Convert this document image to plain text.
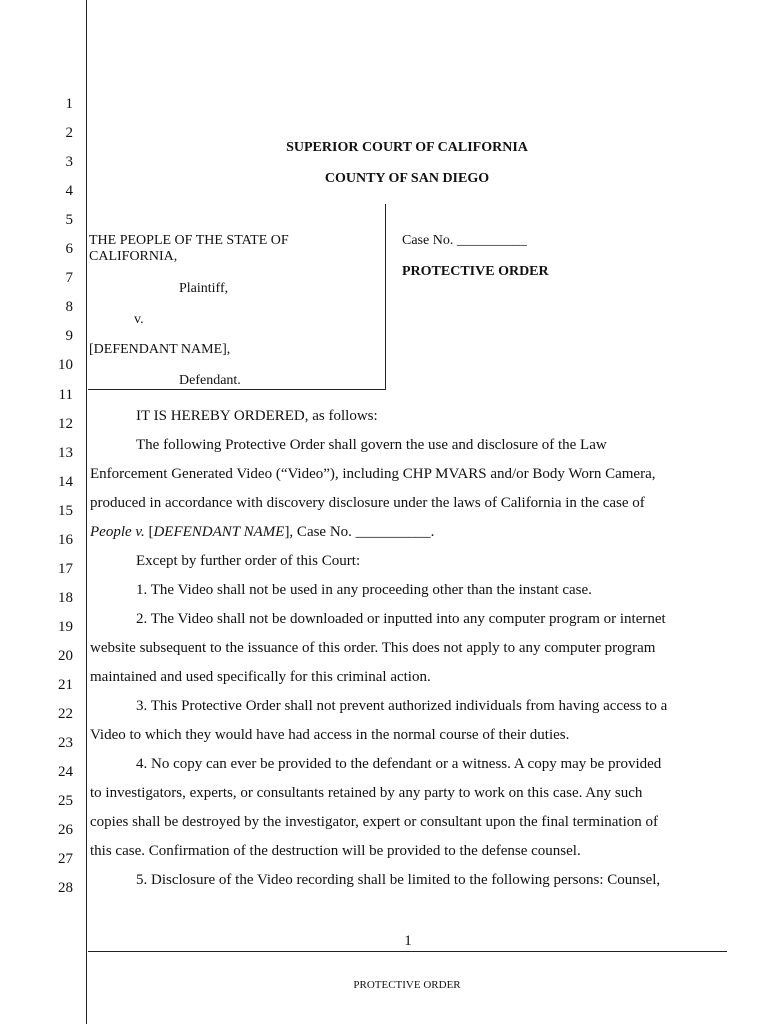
1
2
3
4
5
6
7
8
9
10
11
12
13
14
15
16
17
18
19
20
21
22
23
24
25
26
27
28
SUPERIOR COURT OF CALIFORNIA
COUNTY OF SAN DIEGO
THE PEOPLE OF THE STATE OF
CALIFORNIA,
Plaintiff,
v.
[DEFENDANT NAME],
Defendant.
Case No. __________
PROTECTIVE ORDER
IT IS HEREBY ORDERED, as follows:
The following Protective Order shall govern the use and disclosure of the Law
Enforcement Generated Video (“Video”), including CHP MVARS and/or Body Worn Camera,
produced in accordance with discovery disclosure under the laws of California in the case of
People v. [DEFENDANT NAME], Case No. __________.
Except by further order of this Court:
1. The Video shall not be used in any proceeding other than the instant case.
2. The Video shall not be downloaded or inputted into any computer program or internet
website subsequent to the issuance of this order. This does not apply to any computer program
maintained and used specifically for this criminal action.
3. This Protective Order shall not prevent authorized individuals from having access to a
Video to which they would have had access in the normal course of their duties.
4. No copy can ever be provided to the defendant or a witness. A copy may be provided
to investigators, experts, or consultants retained by any party to work on this case. Any such
copies shall be destroyed by the investigator, expert or consultant upon the final termination of
this case. Confirmation of the destruction will be provided to the defense counsel.
5. Disclosure of the Video recording shall be limited to the following persons: Counsel,
1
PROTECTIVE ORDER
